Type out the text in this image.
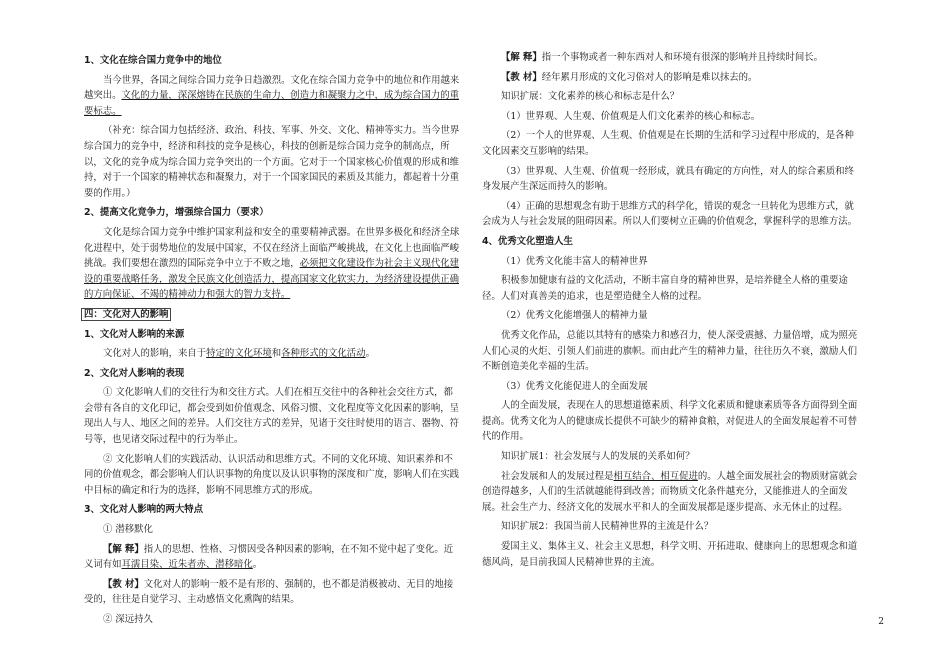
1、文化在综合国力竞争中的地位

当今世界，各国之间综合国力竞争日趋激烈。文化在综合国力竞争中的地位和作用越来越突出。文化的力量，深深熔铸在民族的生命力、创造力和凝聚力之中，成为综合国力的重要标志。

（补充：综合国力包括经济、政治、科技、军事、外交、文化、精神等实力。当今世界综合国力的竞争中，经济和科技的竞争是核心，科技的创新是综合国力竞争的制高点，所以，文化的竞争成为综合国力竞争突出的一个方面。它对于一个国家核心价值观的形成和维持，对于一个国家的精神状态和凝聚力，对于一个国家国民的素质及其能力，都起着十分重要的作用。）

2、提高文化竞争力，增强综合国力（要求）

文化是综合国力竞争中维护国家利益和安全的重要精神武器。在世界多极化和经济全球化进程中，处于弱势地位的发展中国家，不仅在经济上面临严峻挑战，在文化上也面临严峻挑战。我们要想在激烈的国际竞争中立于不败之地，必须把文化建设作为社会主义现代化建设的重要战略任务，激发全民族文化创造活力，提高国家文化软实力，为经济建设提供正确的方向保证、不竭的精神动力和强大的智力支持。

四：文化对人的影响

1、文化对人影响的来源

文化对人的影响，来自于特定的文化环境和各种形式的文化活动。

2、文化对人影响的表现

① 文化影响人们的交往行为和交往方式。人们在相互交往中的各种社会交往方式，都会带有各自的文化印记，都会受到如价值观念、风俗习惯、文化程度等文化因素的影响，呈现出人与人、地区之间的差异。人们交往方式的差异，见诸于交往时使用的语言、器物、符号等，也见诸交际过程中的行为举止。

② 文化影响人们的实践活动、认识活动和思维方式。不同的文化环境、知识素养和不同的价值观念，都会影响人们认识事物的角度以及认识事物的深度和广度，影响人们在实践中目标的确定和行为的选择，影响不同思维方式的形成。

3、文化对人影响的两大特点

① 潜移默化

【解 释】指人的思想、性格、习惯因受各种因素的影响，在不知不觉中起了变化。近义词有如耳濡目染、近朱者赤、潜移暗化。

【教 材】文化对人的影响一般不是有形的、强制的，也不都是消极被动、无目的地接受的，往往是自觉学习、主动感悟文化熏陶的结果。

② 深远持久

【解 释】指一个事物或者一种东西对人和环境有很深的影响并且持续时间长。

【教 材】经年累月形成的文化习俗对人的影响是难以抹去的。

知识扩展：文化素养的核心和标志是什么？

（1）世界观、人生观、价值观是人们文化素养的核心和标志。

（2）一个人的世界观、人生观、价值观是在长期的生活和学习过程中形成的，是各种文化因素交互影响的结果。

（3）世界观、人生观、价值观一经形成，就具有确定的方向性，对人的综合素质和终身发展产生深远而持久的影响。

（4）正确的思想观念有助于思维方式的科学化，错误的观念一旦转化为思维方式，就会成为人与社会发展的阻碍因素。所以人们要树立正确的价值观念，掌握科学的思维方法。

4、优秀文化塑造人生

（1）优秀文化能丰富人的精神世界

积极参加健康有益的文化活动，不断丰富自身的精神世界，是培养健全人格的重要途径。人们对真善美的追求，也是塑造健全人格的过程。

（2）优秀文化能增强人的精神力量

优秀文化作品，总能以其特有的感染力和感召力，使人深受震撼、力量倍增，成为照亮人们心灵的火炬、引领人们前进的旗帜。而由此产生的精神力量，往往历久不衰，激励人们不断创造美化幸福的生活。

（3）优秀文化能促进人的全面发展

人的全面发展，表现在人的思想道德素质、科学文化素质和健康素质等各方面得到全面提高。优秀文化为人的健康成长提供不可缺少的精神食粮，对促进人的全面发展起着不可替代的作用。

知识扩展1：社会发展与人的发展的关系如何？

社会发展和人的发展过程是相互结合、相互促进的。人越全面发展社会的物质财富就会创造得越多，人们的生活就越能得到改善；而物质文化条件越充分，又能推进人的全面发展。社会生产力、经济文化的发展水平和人的全面发展都是逐步提高、永无休止的过程。

知识扩展2：我国当前人民精神世界的主流是什么？

爱国主义、集体主义、社会主义思想，科学文明、开拓进取、健康向上的思想观念和道德风尚，是目前我国人民精神世界的主流。

2
